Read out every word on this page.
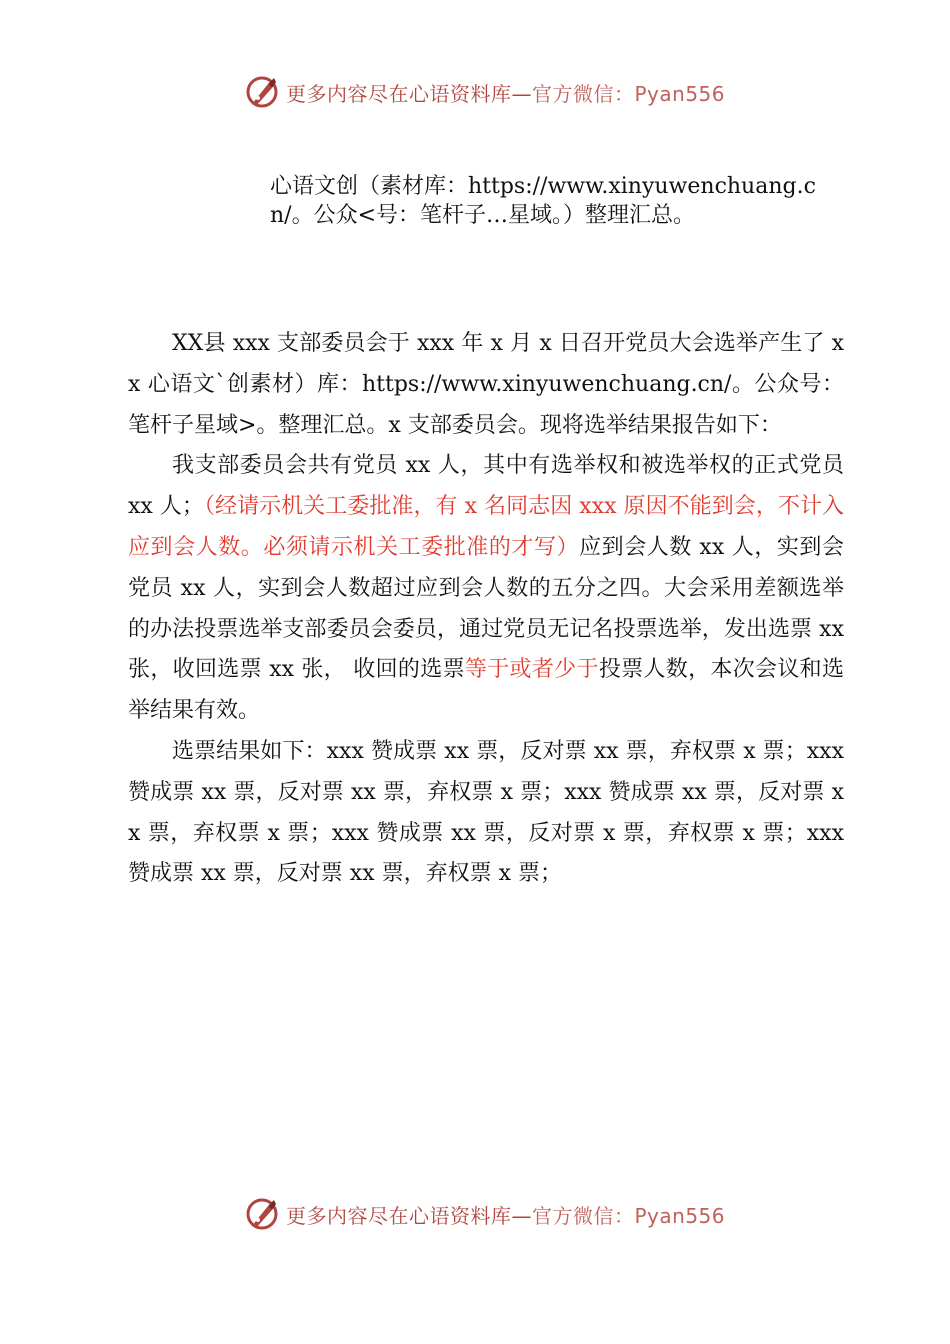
更多内容尽在心语资料库—官方微信：Pyan556
心语文创（素材库：https://www.xinyuwenchuang.cn/。公众<号：笔杆子…星域。）整理汇总。

XX县 xxx 支部委员会于 xxx 年 x 月 x 日召开党员大会选举产生了 xx 心语文`创素材）库：https://www.xinyuwenchuang.cn/。公众号：笔杆子星域>。整理汇总。x 支部委员会。现将选举结果报告如下：

我支部委员会共有党员 xx 人，其中有选举权和被选举权的正式党员 xx 人；（经请示机关工委批准，有 x 名同志因 xxx 原因不能到会，不计入应到会人数。必须请示机关工委批准的才写）应到会人数 xx 人，实到会党员 xx 人，实到会人数超过应到会人数的五分之四。大会采用差额选举的办法投票选举支部委员会委员，通过党员无记名投票选举，发出选票 xx 张，收回选票 xx 张， 收回的选票等于或者少于投票人数，本次会议和选举结果有效。

选票结果如下：xxx 赞成票 xx 票，反对票 xx 票，弃权票 x 票；xxx 赞成票 xx 票，反对票 xx 票，弃权票 x 票；xxx 赞成票 xx 票，反对票 xx 票，弃权票 x 票；xxx 赞成票 xx 票，反对票 x 票，弃权票 x 票；xxx 赞成票 xx 票，反对票 xx 票，弃权票 x 票；

更多内容尽在心语资料库—官方微信：Pyan556
